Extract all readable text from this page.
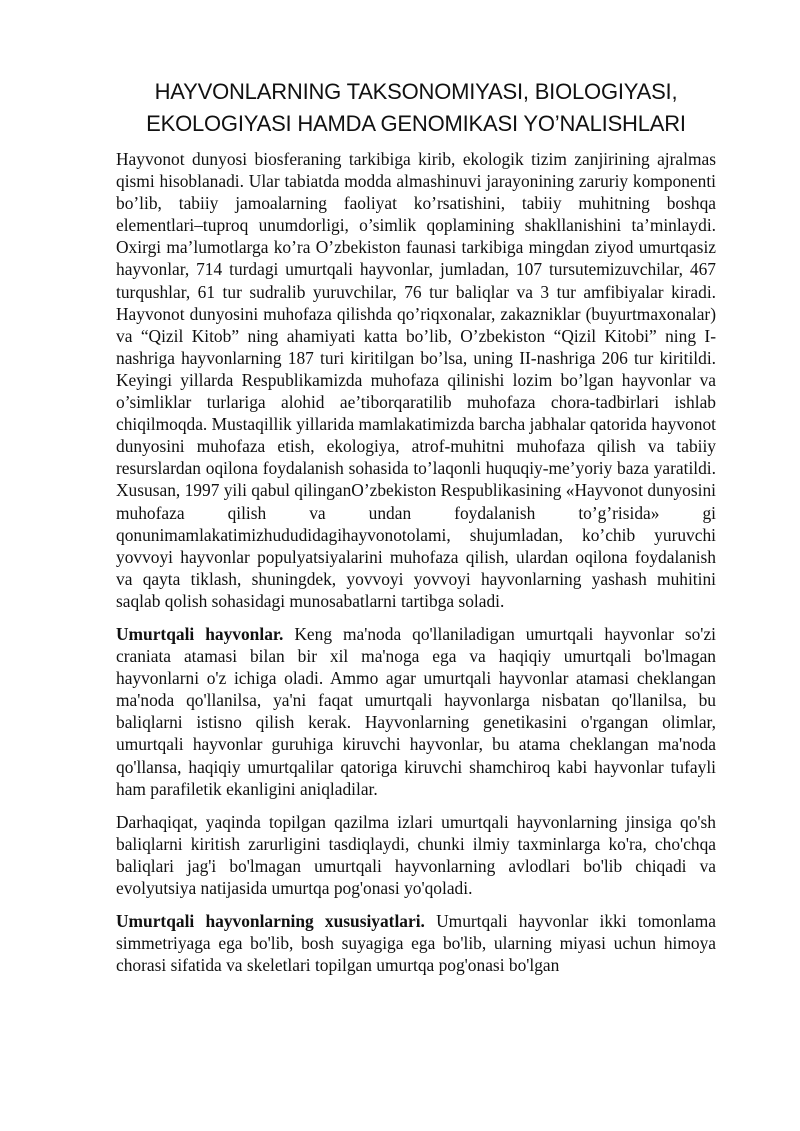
HAYVONLARNING TAKSONOMIYASI, BIOLOGIYASI,
EKOLOGIYASI HAMDA GENOMIKASI YO’NALISHLARI

Hayvonot dunyosi biosferaning tarkibiga kirib, ekologik tizim zanjirining ajralmas qismi hisoblanadi. Ular tabiatda modda almashinuvi jarayonining zaruriy komponenti bo’lib, tabiiy jamoalarning faoliyat ko’rsatishini, tabiiy muhitning boshqa elementlari–tuproq unumdorligi, o’simlik qoplamining shakllanishini ta’minlaydi. Oxirgi ma’lumotlarga ko’ra O’zbekiston faunasi tarkibiga mingdan ziyod umurtqasiz hayvonlar, 714 turdagi umurtqali hayvonlar, jumladan, 107 tursutemizuvchilar, 467 turqushlar, 61 tur sudralib yuruvchilar, 76 tur baliqlar va 3 tur amfibiyalar kiradi. Hayvonot dunyosini muhofaza qilishda qo’riqxonalar, zakazniklar (buyurtmaxonalar) va “Qizil Kitob” ning ahamiyati katta bo’lib, O’zbekiston “Qizil Kitobi” ning I-nashriga hayvonlarning 187 turi kiritilgan bo’lsa, uning II-nashriga 206 tur kiritildi. Keyingi yillarda Respublikamizda muhofaza qilinishi lozim bo’lgan hayvonlar va o’simliklar turlariga alohid ae’tiborqaratilib muhofaza chora-tadbirlari ishlab chiqilmoqda. Mustaqillik yillarida mamlakatimizda barcha jabhalar qatorida hayvonot dunyosini muhofaza etish, ekologiya, atrof-muhitni muhofaza qilish va tabiiy resurslardan oqilona foydalanish sohasida to’laqonli huquqiy-me’yoriy baza yaratildi. Xususan, 1997 yili qabul qilinganO’zbekiston Respublikasining «Hayvonot dunyosini muhofaza qilish va undan foydalanish to’g’risida» gi qonunimamlakatimizhududidagihayvonotolami, shujumladan, ko’chib yuruvchi yovvoyi hayvonlar populyatsiyalarini muhofaza qilish, ulardan oqilona foydalanish va qayta tiklash, shuningdek, yovvoyi yovvoyi hayvonlarning yashash muhitini saqlab qolish sohasidagi munosabatlarni tartibga soladi.

Umurtqali hayvonlar. Keng ma'noda qo'llaniladigan umurtqali hayvonlar so'zi craniata atamasi bilan bir xil ma'noga ega va haqiqiy umurtqali bo'lmagan hayvonlarni o'z ichiga oladi. Ammo agar umurtqali hayvonlar atamasi cheklangan ma'noda qo'llanilsa, ya'ni faqat umurtqali hayvonlarga nisbatan qo'llanilsa, bu baliqlarni istisno qilish kerak. Hayvonlarning genetikasini o'rgangan olimlar, umurtqali hayvonlar guruhiga kiruvchi hayvonlar, bu atama cheklangan ma'noda qo'llansa, haqiqiy umurtqalilar qatoriga kiruvchi shamchiroq kabi hayvonlar tufayli ham parafiletik ekanligini aniqladilar.

Darhaqiqat, yaqinda topilgan qazilma izlari umurtqali hayvonlarning jinsiga qo'sh baliqlarni kiritish zarurligini tasdiqlaydi, chunki ilmiy taxminlarga ko'ra, cho'chqa baliqlari jag'i bo'lmagan umurtqali hayvonlarning avlodlari bo'lib chiqadi va evolyutsiya natijasida umurtqa pog'onasi yo'qoladi.

Umurtqali hayvonlarning xususiyatlari. Umurtqali hayvonlar ikki tomonlama simmetriyaga ega bo'lib, bosh suyagiga ega bo'lib, ularning miyasi uchun himoya chorasi sifatida va skeletlari topilgan umurtqa pog'onasi bo'lgan
